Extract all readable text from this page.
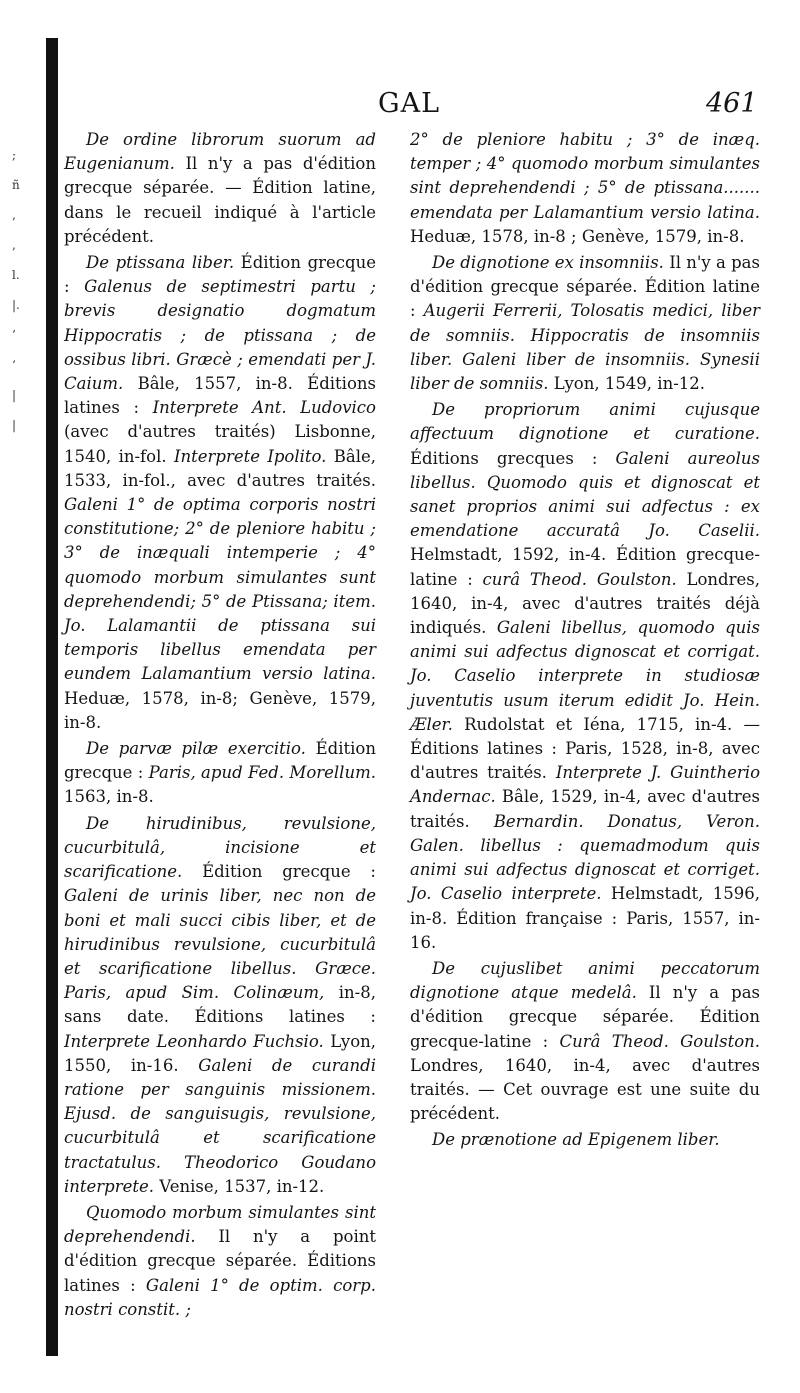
;
ñ
‚
‚
l.
|.
’
‘
|
|
GAL	461

De ordine librorum suorum ad Eugenianum. Il n'y a pas d'édition grecque séparée. — Édition latine, dans le recueil indiqué à l'article précédent.

De ptissana liber. Édition grecque : Galenus de septimestri partu ; brevis designatio dogmatum Hippocratis ; de ptissana ; de ossibus libri. Græcè ; emendati per J. Caium. Bâle, 1557, in-8. Éditions latines : Interprete Ant. Ludovico (avec d'autres traités) Lisbonne, 1540, in-fol. Interprete Ipolito. Bâle, 1533, in-fol., avec d'autres traités. Galeni 1° de optima corporis nostri constitutione; 2° de pleniore habitu ; 3° de inæquali intemperie ; 4° quomodo morbum simulantes sunt deprehendendi; 5° de Ptissana; item. Jo. Lalamantii de ptissana sui temporis libellus emendata per eundem Lalamantium versio latina. Heduæ, 1578, in-8; Genève, 1579, in-8.

De parvæ pilæ exercitio. Édition grecque : Paris, apud Fed. Morellum. 1563, in-8.

De hirudinibus, revulsione, cucurbitulâ, incisione et scarificatione. Édition grecque : Galeni de urinis liber, nec non de boni et mali succi cibis liber, et de hirudinibus revulsione, cucurbitulâ et scarificatione libellus. Græce. Paris, apud Sim. Colinæum, in-8, sans date. Éditions latines : Interprete Leonhardo Fuchsio. Lyon, 1550, in-16. Galeni de curandi ratione per sanguinis missionem. Ejusd. de sanguisugis, revulsione, cucurbitulâ et scarificatione tractatulus. Theodorico Goudano interprete. Venise, 1537, in-12.

Quomodo morbum simulantes sint deprehendendi. Il n'y a point d'édition grecque séparée. Éditions latines : Galeni 1° de optim. corp. nostri constit. ;

2° de pleniore habitu ; 3° de inæq. temper ; 4° quomodo morbum simulantes sint deprehendendi ; 5° de ptissana....... emendata per Lalamantium versio latina. Heduæ, 1578, in-8 ; Genève, 1579, in-8.

De dignotione ex insomniis. Il n'y a pas d'édition grecque séparée. Édition latine : Augerii Ferrerii, Tolosatis medici, liber de somniis. Hippocratis de insomniis liber. Galeni liber de insomniis. Synesii liber de somniis. Lyon, 1549, in-12.

De propriorum animi cujusque affectuum dignotione et curatione. Éditions grecques : Galeni aureolus libellus. Quomodo quis et dignoscat et sanet proprios animi sui adfectus : ex emendatione accuratâ Jo. Caselii. Helmstadt, 1592, in-4. Édition grecque-latine : curâ Theod. Goulston. Londres, 1640, in-4, avec d'autres traités déjà indiqués. Galeni libellus, quomodo quis animi sui adfectus dignoscat et corrigat. Jo. Caselio interprete in studiosæ juventutis usum iterum edidit Jo. Hein. Æler. Rudolstat et Iéna, 1715, in-4. — Éditions latines : Paris, 1528, in-8, avec d'autres traités. Interprete J. Guintherio Andernac. Bâle, 1529, in-4, avec d'autres traités. Bernardin. Donatus, Veron. Galen. libellus : quemadmodum quis animi sui adfectus dignoscat et corriget. Jo. Caselio interprete. Helmstadt, 1596, in-8. Édition française : Paris, 1557, in-16.

De cujuslibet animi peccatorum dignotione atque medelâ. Il n'y a pas d'édition grecque séparée. Édition grecque-latine : Curâ Theod. Goulston. Londres, 1640, in-4, avec d'autres traités. — Cet ouvrage est une suite du précédent.

De prænotione ad Epigenem liber.
